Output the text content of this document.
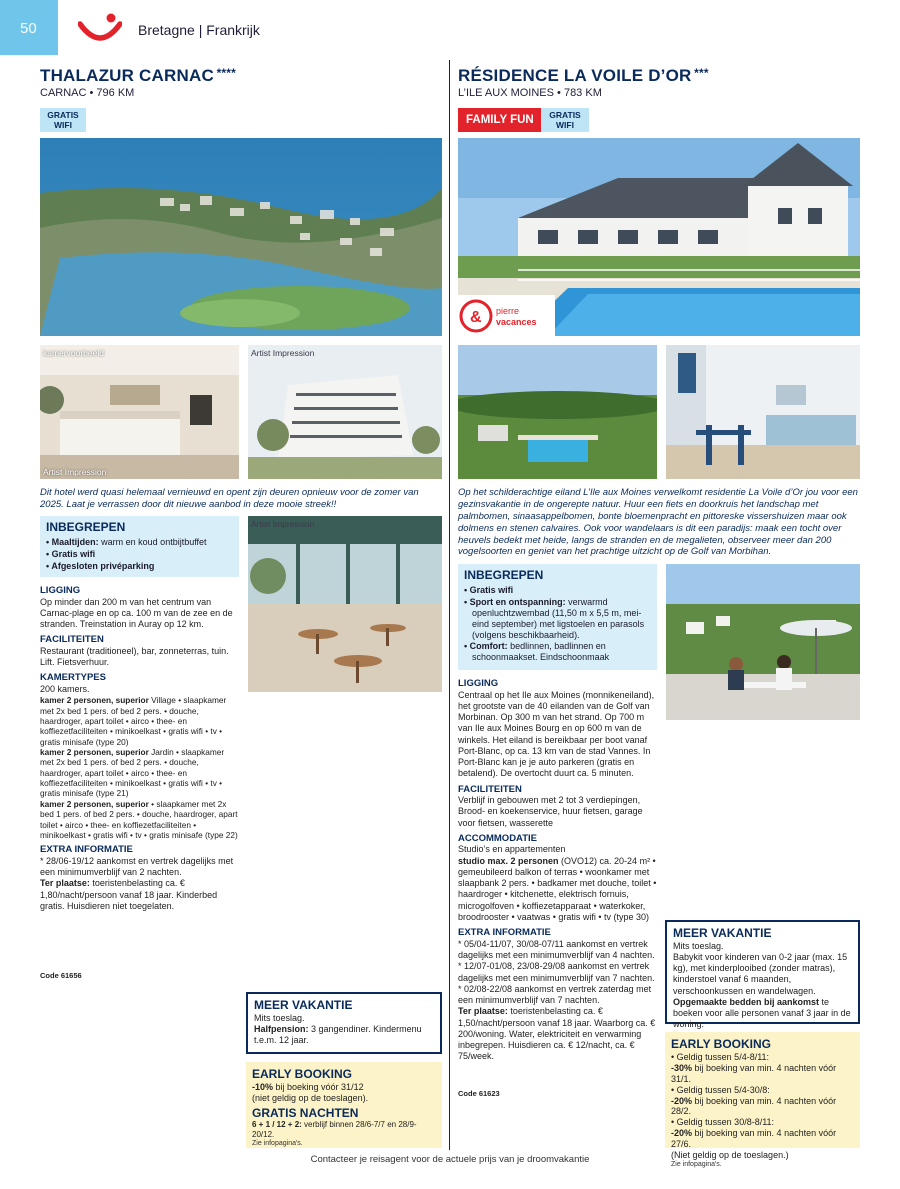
50	Bretagne | Frankrijk
THALAZUR CARNAC ****
CARNAC • 796 KM
GRATIS WIFI
kamervoorbeeld
Artist Impression
Artist Impression
Dit hotel werd quasi helemaal vernieuwd en opent zijn deuren opnieuw voor de zomer van 2025. Laat je verrassen door dit nieuwe aanbod in deze mooie streek!!
INBEGREPEN
• Maaltijden: warm en koud ontbijtbuffet
• Gratis wifi
• Afgesloten privéparking
Artist Impression
LIGGING
Op minder dan 200 m van het centrum van Carnac-plage en op ca. 100 m van de zee en de stranden. Treinstation in Auray op 12 km.
FACILITEITEN
Restaurant (traditioneel), bar, zonneterras, tuin. Lift. Fietsverhuur.
KAMERTYPES
200 kamers.
kamer 2 personen, superior Village • slaapkamer met 2x bed 1 pers. of bed 2 pers. • douche, haardroger, apart toilet • airco • thee- en koffiezetfaciliteiten • minikoelkast • gratis wifi • tv • gratis minisafe (type 20)
kamer 2 personen, superior Jardin • slaapkamer met 2x bed 1 pers. of bed 2 pers. • douche, haardroger, apart toilet • airco • thee- en koffiezetfaciliteiten • minikoelkast • gratis wifi • tv • gratis minisafe (type 21)
kamer 2 personen, superior • slaapkamer met 2x bed 1 pers. of bed 2 pers. • douche, haardroger, apart toilet • airco • thee- en koffiezetfaciliteiten • minikoelkast • gratis wifi • tv • gratis minisafe (type 22)
EXTRA INFORMATIE
* 28/06-19/12 aankomst en vertrek dagelijks met een minimumverblijf van 2 nachten.
Ter plaatse: toeristenbelasting ca. € 1,80/nacht/persoon vanaf 18 jaar. Kinderbed gratis. Huisdieren niet toegelaten.
Code 61656
MEER VAKANTIE
Mits toeslag.
Halfpension: 3 gangendiner. Kindermenu t.e.m. 12 jaar.
EARLY BOOKING
-10% bij boeking vóór 31/12
(niet geldig op de toeslagen).
GRATIS NACHTEN
6 + 1 / 12 + 2: verblijf binnen 28/6-7/7 en 28/9-20/12.
Zie infopagina's.
RÉSIDENCE LA VOILE D’OR ***
L’ILE AUX MOINES • 783 KM
FAMILY FUN	GRATIS WIFI
& pierre
vacances
Op het schilderachtige eiland L’Ile aux Moines verwelkomt residentie La Voile d’Or jou voor een gezinsvakantie in de ongerepte natuur. Huur een fiets en doorkruis het landschap met palmbomen, sinaasappelbomen, bonte bloemenpracht en pittoreske vissershuizen maar ook dolmens en stenen calvaires. Ook voor wandelaars is dit een paradijs: maak een tocht over heuvels bedekt met heide, langs de stranden en de megalieten, observeer meer dan 200 vogelsoorten en geniet van het prachtige uitzicht op de Golf van Morbihan.
INBEGREPEN
• Gratis wifi
• Sport en ontspanning: verwarmd openluchtzwembad (11,50 m x 5,5 m, mei-eind september) met ligstoelen en parasols (volgens beschikbaarheid).
• Comfort: bedlinnen, badlinnen en schoonmaakset. Eindschoonmaak
LIGGING
Centraal op het Ile aux Moines (monnikeneiland), het grootste van de 40 eilanden van de Golf van Morbinan. Op 300 m van het strand. Op 700 m van Ile aux Moines Bourg en op 600 m van de winkels. Het eiland is bereikbaar per boot vanaf Port-Blanc, op ca. 13 km van de stad Vannes. In Port-Blanc kan je je auto parkeren (gratis en betalend). De overtocht duurt ca. 5 minuten.
FACILITEITEN
Verblijf in gebouwen met 2 tot 3 verdiepingen, Brood- en koekenservice, huur fietsen, garage voor fietsen, wasserette
ACCOMMODATIE
Studio’s en appartementen
studio max. 2 personen (OVO12) ca. 20-24 m² • gemeubileerd balkon of terras • woonkamer met slaapbank 2 pers. • badkamer met douche, toilet • haardroger • kitchenette, elektrisch fornuis, microgolfoven • koffiezetapparaat • waterkoker, broodrooster • vaatwas • gratis wifi • tv (type 30)
EXTRA INFORMATIE
* 05/04-11/07, 30/08-07/11 aankomst en vertrek dagelijks met een minimumverblijf van 4 nachten.
* 12/07-01/08, 23/08-29/08 aankomst en vertrek dagelijks met een minimumverblijf van 7 nachten.
* 02/08-22/08 aankomst en vertrek zaterdag met een minimumverblijf van 7 nachten.
Ter plaatse: toeristenbelasting ca. € 1,50/nacht/persoon vanaf 18 jaar. Waarborg ca. € 200/woning. Water, elektriciteit en verwarming inbegrepen. Huisdieren ca. € 12/nacht, ca. € 75/week.
Code 61623
MEER VAKANTIE
Mits toeslag.
Babykit voor kinderen van 0-2 jaar (max. 15 kg), met kinderplooibed (zonder matras), kinderstoel vanaf 6 maanden, verschoonkussen en wandelwagen.
Opgemaakte bedden bij aankomst te boeken voor alle personen vanaf 3 jaar in de woning.
EARLY BOOKING
• Geldig tussen 5/4-8/11:
-30% bij boeking van min. 4 nachten vóór 31/1.
• Geldig tussen 5/4-30/8:
-20% bij boeking van min. 4 nachten vóór 28/2.
• Geldig tussen 30/8-8/11:
-20% bij boeking van min. 4 nachten vóór 27/6.
(Niet geldig op de toeslagen.)
Zie infopagina's.
Contacteer je reisagent voor de actuele prijs van je droomvakantie
